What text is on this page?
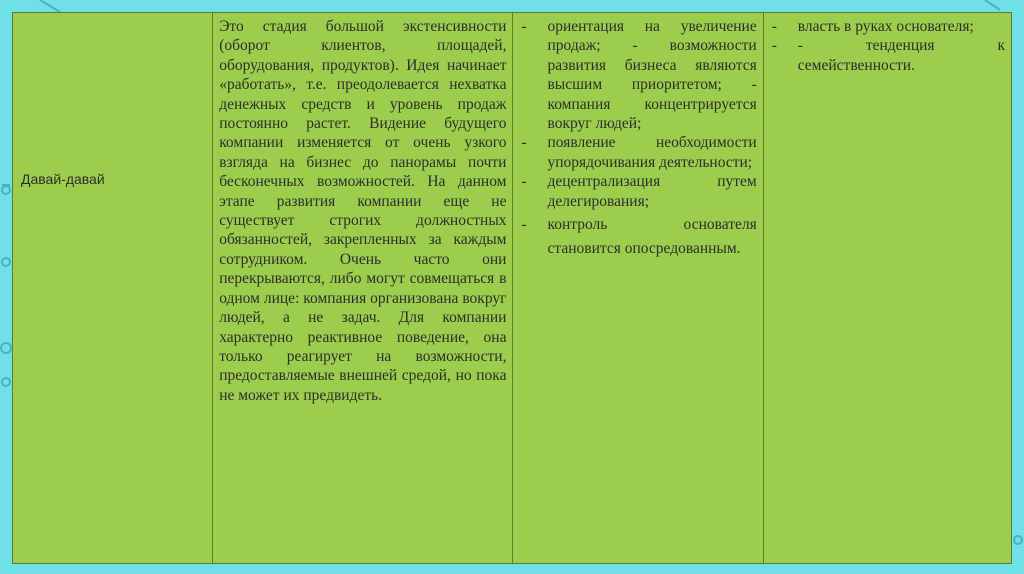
Давай-давай

Это стадия большой экстенсивности (оборот клиентов, площадей, оборудования, продуктов). Идея начинает «работать», т.е. преодолевается нехватка денежных средств и уровень продаж постоянно растет. Видение будущего компании изменяется от очень узкого взгляда на бизнес до панорамы почти бесконечных возможностей. На данном этапе развития компании еще не существует строгих должностных обязанностей, закрепленных за каждым сотрудником. Очень часто они перекрываются, либо могут совмещаться в одном лице: компания организована вокруг людей, а не задач. Для компании характерно реактивное поведение, она только реагирует на возможности, предоставляемые внешней средой, но пока не может их предвидеть.

- ориентация на увеличение продаж; - возможности развития бизнеса являются высшим приоритетом; - компания концентрируется вокруг людей;
- появление необходимости упорядочивания деятельности;
- децентрализация путем делегирования;
- контроль основателя становится опосредованным.

- власть в руках основателя;
- - тенденция к семейственности.
